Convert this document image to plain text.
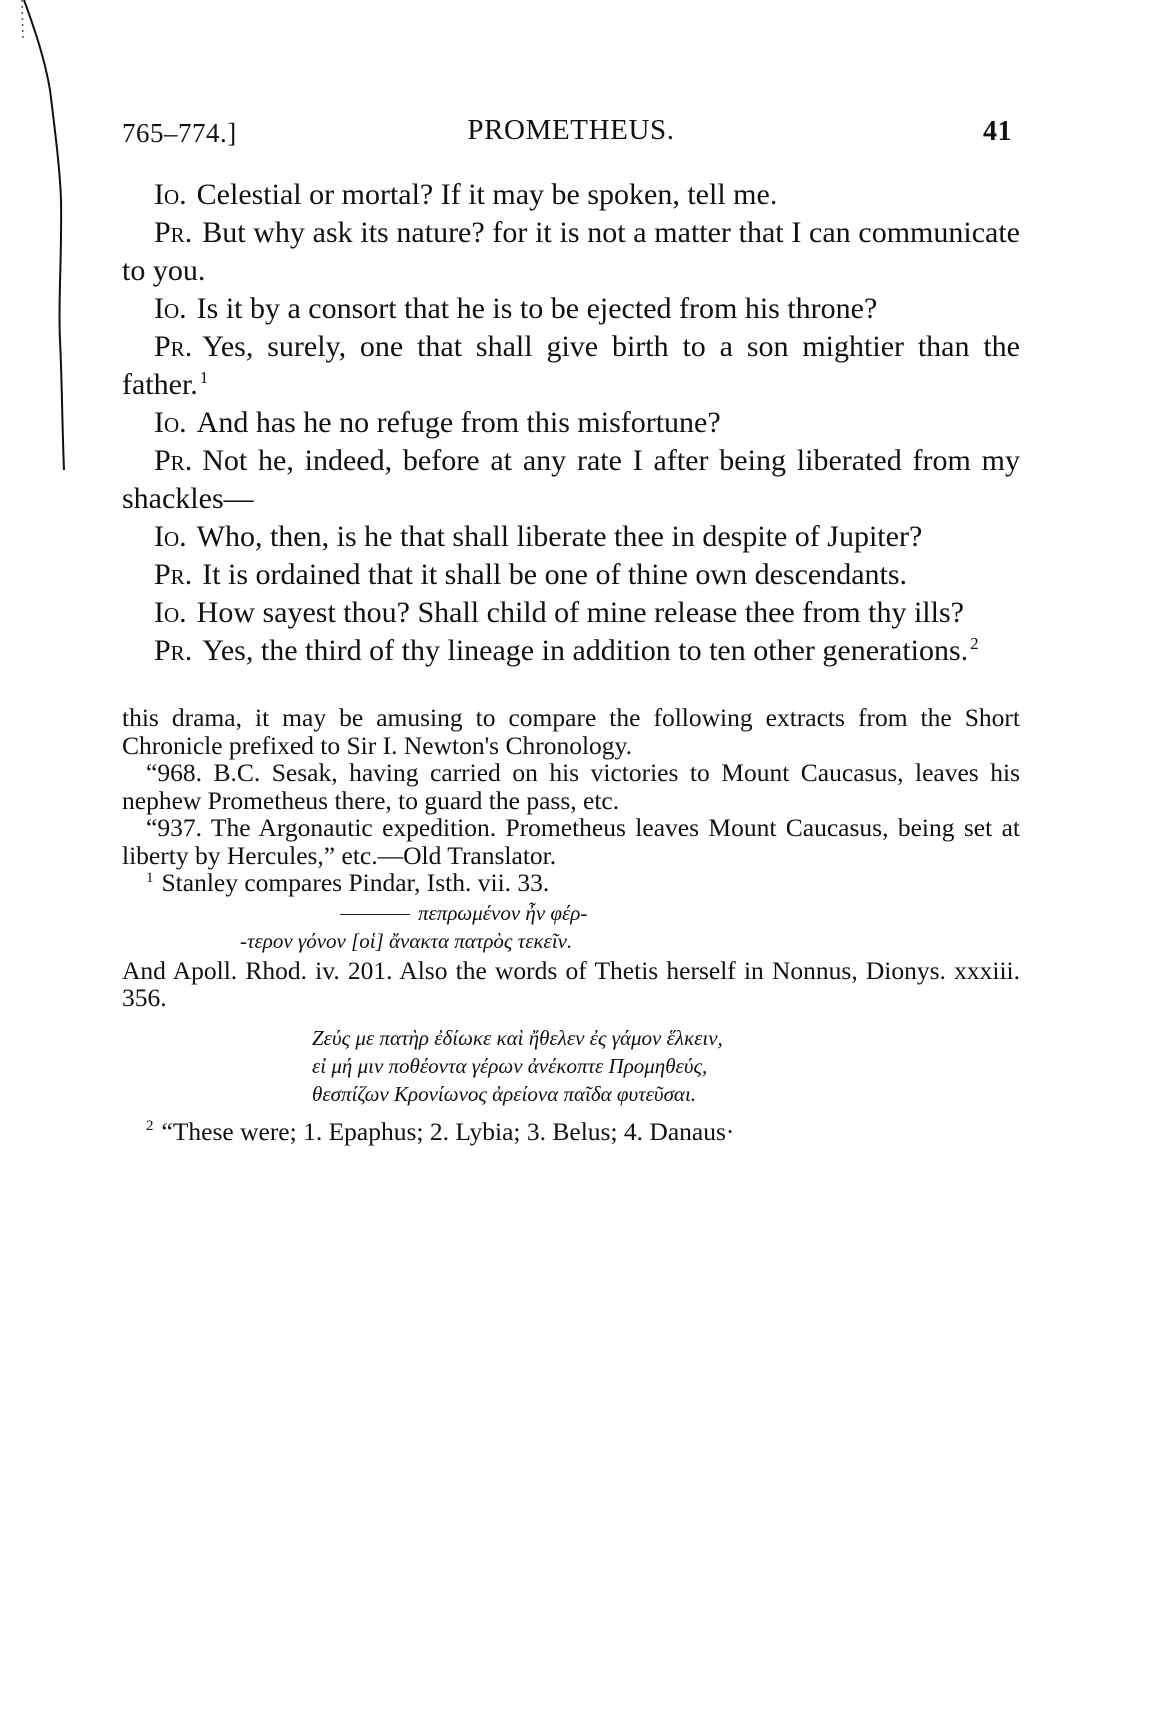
765–774.]	PROMETHEUS.	41

Io. Celestial or mortal? If it may be spoken, tell me.

Pr. But why ask its nature? for it is not a matter that I can communicate to you.

Io. Is it by a consort that he is to be ejected from his throne?

Pr. Yes, surely, one that shall give birth to a son mightier than the father. $^1$

Io. And has he no refuge from this misfortune?

Pr. Not he, indeed, before at any rate I after being liberated from my shackles—

Io. Who, then, is he that shall liberate thee in despite of Jupiter?

Pr. It is ordained that it shall be one of thine own descendants.

Io. How sayest thou? Shall child of mine release thee from thy ills?

Pr. Yes, the third of thy lineage in addition to ten other generations. $^2$

this drama, it may be amusing to compare the following extracts from the Short Chronicle prefixed to Sir I. Newton's Chronology.

“968. B.C. Sesak, having carried on his victories to Mount Caucasus, leaves his nephew Prometheus there, to guard the pass, etc.

“937. The Argonautic expedition. Prometheus leaves Mount Caucasus, being set at liberty by Hercules,” etc.—Old Translator.

$^1$ Stanley compares Pindar, Isth. vii. 33.

πεπρωμένον ἦν φέρ-
-τερον γόνον [οἱ] ἄνακτα πατρὸς τεκεῖν.

And Apoll. Rhod. iv. 201. Also the words of Thetis herself in Nonnus, Dionys. xxxiii. 356.

Ζεύς με πατὴρ ἐδίωκε καὶ ἤθελεν ἐς γάμον ἕλκειν,
εἰ μή μιν ποθέοντα γέρων ἀνέκοπτε Προμηθεύς,
θεσπίζων Κρονίωνος ἀρείονα παῖδα φυτεῦσαι.

$^2$ “These were; 1. Epaphus; 2. Lybia; 3. Belus; 4. Danaus·
